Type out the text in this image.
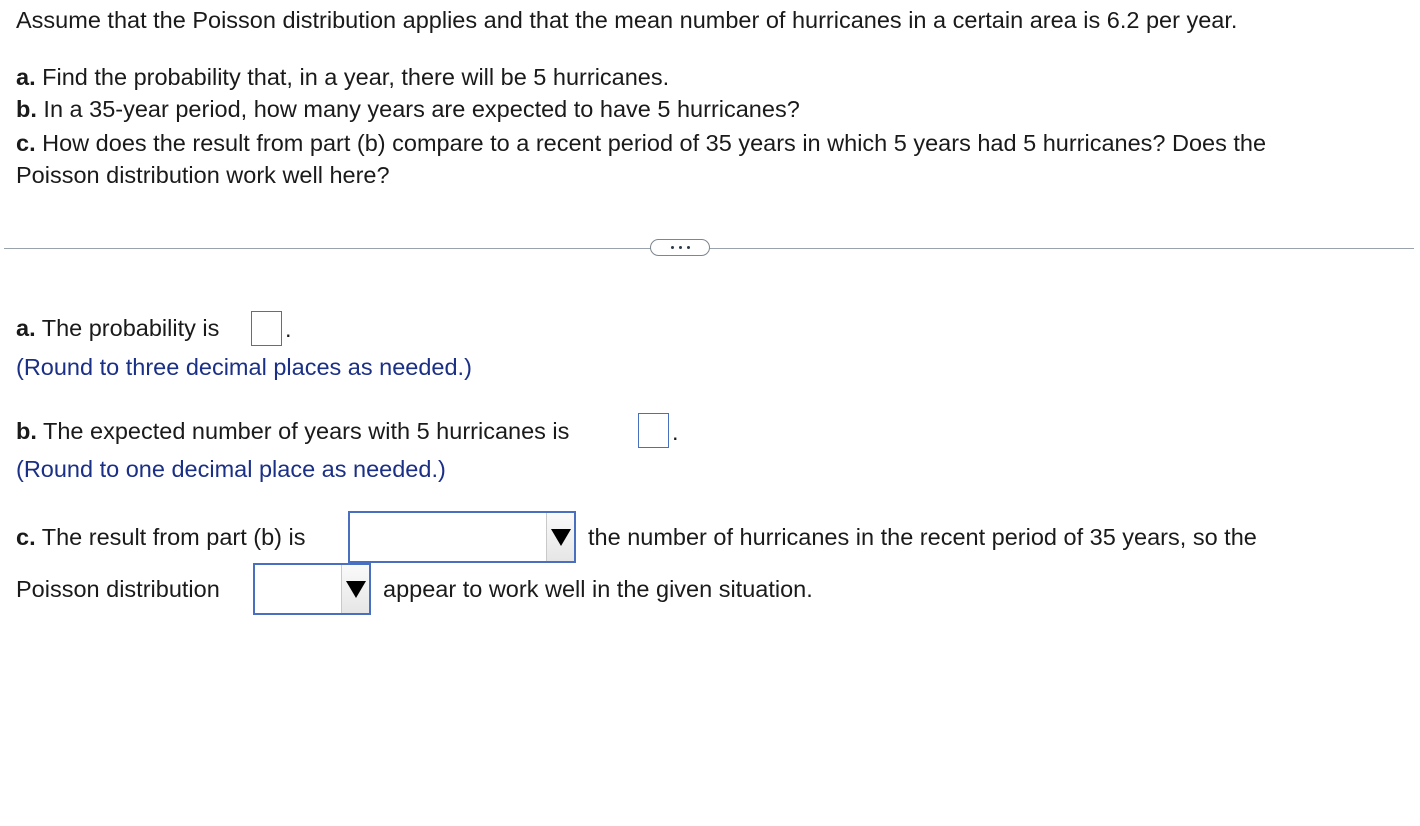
Assume that the Poisson distribution applies and that the mean number of hurricanes in a certain area is 6.2 per year.
a. Find the probability that, in a year, there will be 5 hurricanes.
b. In a 35-year period, how many years are expected to have 5 hurricanes?
c. How does the result from part (b) compare to a recent period of 35 years in which 5 years had 5 hurricanes? Does the
Poisson distribution work well here?
a. The probability is	.
(Round to three decimal places as needed.)
b. The expected number of years with 5 hurricanes is	.
(Round to one decimal place as needed.)
c. The result from part (b) is	the number of hurricanes in the recent period of 35 years, so the
Poisson distribution	appear to work well in the given situation.
